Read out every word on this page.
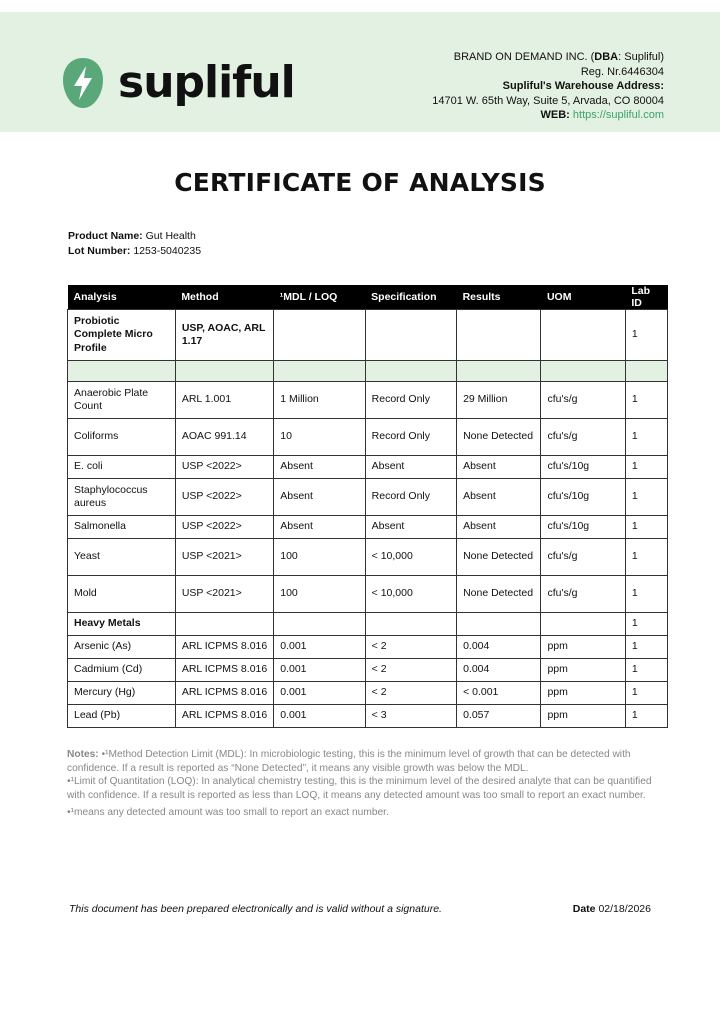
supliful	BRAND ON DEMAND INC. (DBA: Supliful)
Reg. Nr.6446304
Supliful's Warehouse Address:
14701 W. 65th Way, Suite 5, Arvada, CO 80004
WEB: https://supliful.com
CERTIFICATE OF ANALYSIS
Product Name: Gut Health
Lot Number: 1253-5040235
Analysis	Method	¹MDL / LOQ	Specification	Results	UOM	Lab ID
Probiotic Complete Micro Profile	USP, AOAC, ARL 1.17					1

Anaerobic Plate Count	ARL 1.001	1 Million	Record Only	29 Million	cfu's/g	1
Coliforms	AOAC 991.14	10	Record Only	None Detected	cfu's/g	1
E. coli	USP <2022>	Absent	Absent	Absent	cfu's/10g	1
Staphylococcus aureus	USP <2022>	Absent	Record Only	Absent	cfu's/10g	1
Salmonella	USP <2022>	Absent	Absent	Absent	cfu's/10g	1
Yeast	USP <2021>	100	< 10,000	None Detected	cfu's/g	1
Mold	USP <2021>	100	< 10,000	None Detected	cfu's/g	1
Heavy Metals						1
Arsenic (As)	ARL ICPMS 8.016	0.001	< 2	0.004	ppm	1
Cadmium (Cd)	ARL ICPMS 8.016	0.001	< 2	0.004	ppm	1
Mercury (Hg)	ARL ICPMS 8.016	0.001	< 2	< 0.001	ppm	1
Lead (Pb)	ARL ICPMS 8.016	0.001	< 3	0.057	ppm	1

Notes: •¹Method Detection Limit (MDL): In microbiologic testing, this is the minimum level of growth that can be detected with confidence. If a result is reported as “None Detected”, it means any visible growth was below the MDL.

•¹Limit of Quantitation (LOQ): In analytical chemistry testing, this is the minimum level of the desired analyte that can be quantified with confidence. If a result is reported as less than LOQ, it means any detected amount was too small to report an exact number.

•¹means any detected amount was too small to report an exact number.

This document has been prepared electronically and is valid without a signature.	Date 02/18/2026
